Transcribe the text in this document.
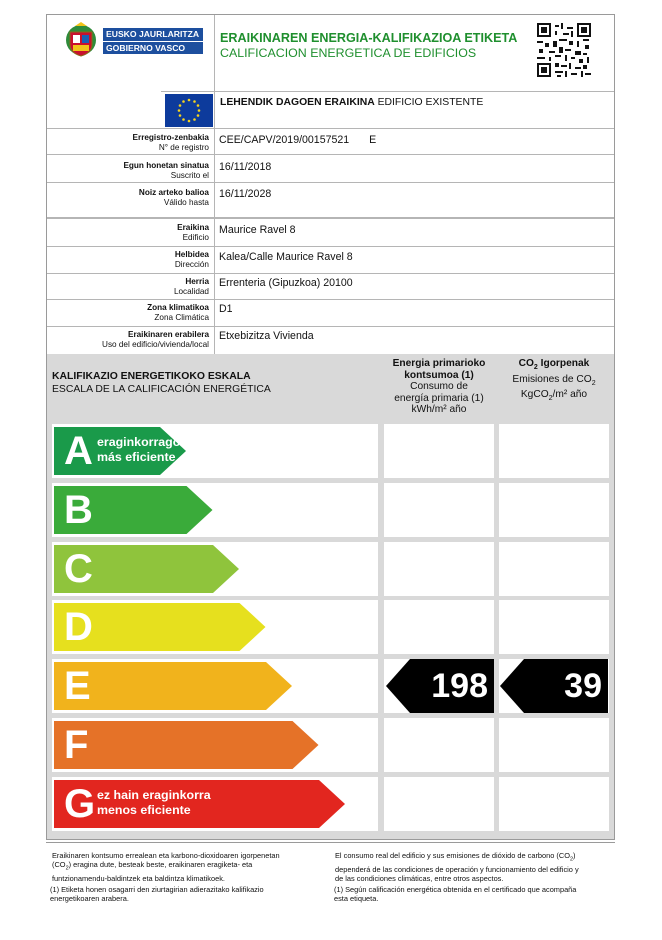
EUSKO JAURLARITZA
GOBIERNO VASCO
ERAIKINAREN ENERGIA-KALIFIKAZIOA ETIKETA
CALIFICACION ENERGETICA DE EDIFICIOS
LEHENDIK DAGOEN ERAIKINA EDIFICIO EXISTENTE
Erregistro-zenbakia
N° de registro
CEE/CAPV/2019/00157521 E
Egun honetan sinatua
Suscrito el
16/11/2018
Noiz arteko balioa
Válido hasta
16/11/2028
Eraikina
Edificio
Maurice Ravel 8
Helbidea
Dirección
Kalea/Calle Maurice Ravel 8
Herria
Localidad
Errenteria (Gipuzkoa) 20100
Zona klimatikoa
Zona Climática
D1
Eraikinaren erabilera
Uso del edificio/vivienda/local
Etxebizitza Vivienda
KALIFIKAZIO ENERGETIKOKO ESKALA
ESCALA DE LA CALIFICACIÓN ENERGÉTICA
Energia primarioko
kontsumoa (1)
Consumo de
energía primaria (1)
kWh/m² año
$CO_2$ Igorpenak
Emisiones de $CO_2$
KgCO$_2$/m² año
A eraginkorragoa
más eficiente
B
C
D
E	198	39
F
G ez hain eraginkorra
menos eficiente
Eraikinaren kontsumo errealean eta karbono-dioxidoaren igorpenetan
$(CO_2)$ eragina dute, besteak beste, eraikinaren eragiketa- eta
funtzionamendu-baldintzek eta baldintza klimatikoek.
El consumo real del edificio y sus emisiones de dióxido de carbono $(CO_2)$
dependerá de las condiciones de operación y funcionamiento del edificio y
de las condiciones climáticas, entre otros aspectos.
(1) Etiketa honen osagarri den ziurtagirian adierazitako kalifikazio
energetikoaren arabera.
(1) Según calificación energética obtenida en el certificado que acompaña
esta etiqueta.
